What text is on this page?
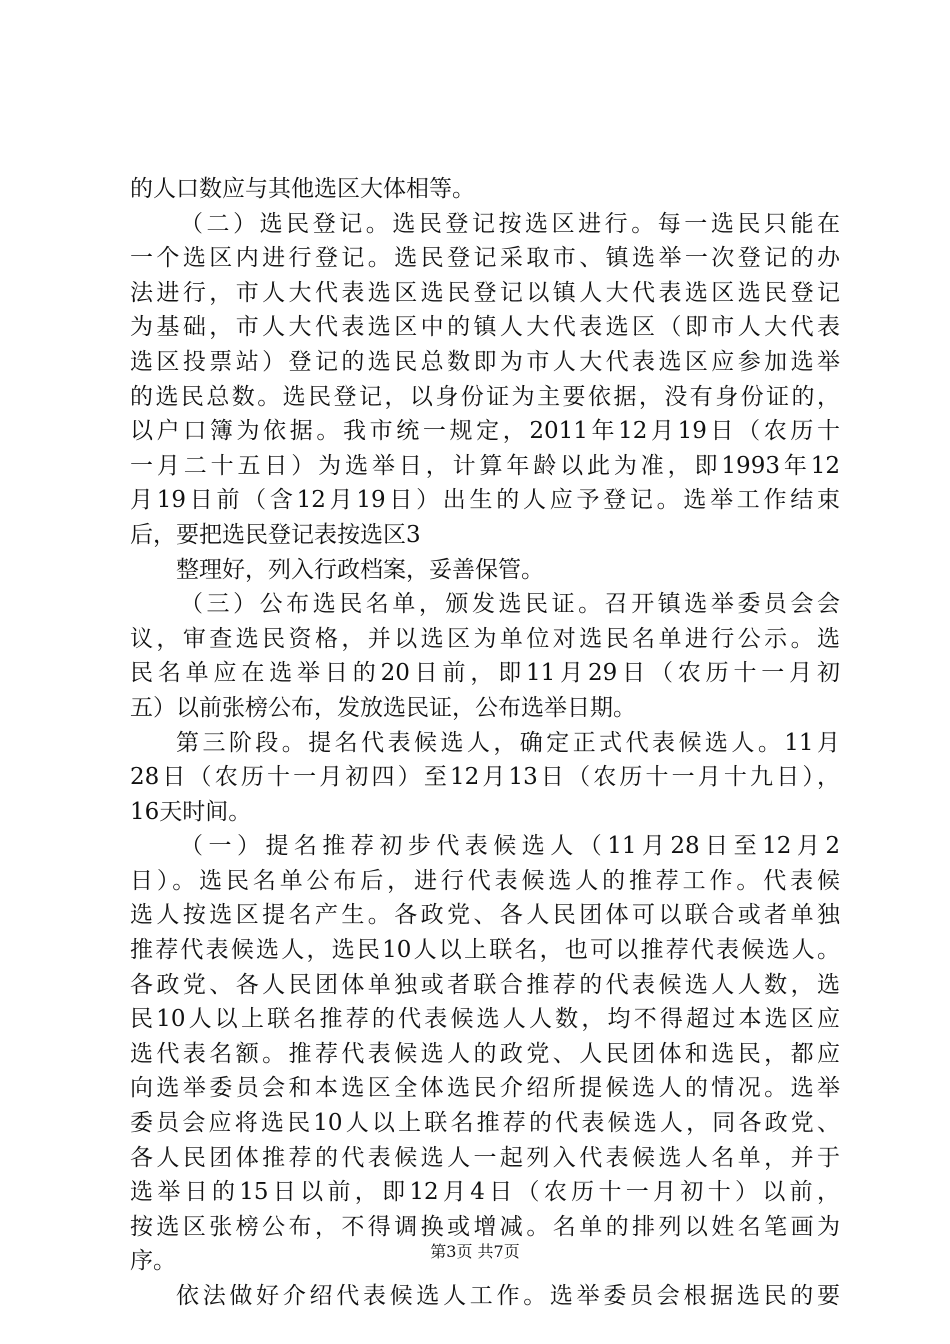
的人口数应与其他选区大体相等。
（二）选民登记。选民登记按选区进行。每一选民只能在
一个选区内进行登记。选民登记采取市、镇选举一次登记的办
法进行，市人大代表选区选民登记以镇人大代表选区选民登记
为基础，市人大代表选区中的镇人大代表选区（即市人大代表
选区投票站）登记的选民总数即为市人大代表选区应参加选举
的选民总数。选民登记，以身份证为主要依据，没有身份证的，
以户口簿为依据。我市统一规定，2011年12月19日（农历十
一月二十五日）为选举日，计算年龄以此为准，即1993年12
月19日前（含12月19日）出生的人应予登记。选举工作结束
后，要把选民登记表按选区3
整理好，列入行政档案，妥善保管。
（三）公布选民名单，颁发选民证。召开镇选举委员会会
议，审查选民资格，并以选区为单位对选民名单进行公示。选
民名单应在选举日的20日前，即11月29日（农历十一月初
五）以前张榜公布，发放选民证，公布选举日期。
第三阶段。提名代表候选人，确定正式代表候选人。11月
28日（农历十一月初四）至12月13日（农历十一月十九日），
16天时间。
（一）提名推荐初步代表候选人（11月28日至12月2
日）。选民名单公布后，进行代表候选人的推荐工作。代表候
选人按选区提名产生。各政党、各人民团体可以联合或者单独
推荐代表候选人，选民10人以上联名，也可以推荐代表候选人。
各政党、各人民团体单独或者联合推荐的代表候选人人数，选
民10人以上联名推荐的代表候选人人数，均不得超过本选区应
选代表名额。推荐代表候选人的政党、人民团体和选民，都应
向选举委员会和本选区全体选民介绍所提候选人的情况。选举
委员会应将选民10人以上联名推荐的代表候选人，同各政党、
各人民团体推荐的代表候选人一起列入代表候选人名单，并于
选举日的15日以前，即12月4日（农历十一月初十）以前，
按选区张榜公布，不得调换或增减。名单的排列以姓名笔画为
序。
依法做好介绍代表候选人工作。选举委员会根据选民的要
第3页 共7页
